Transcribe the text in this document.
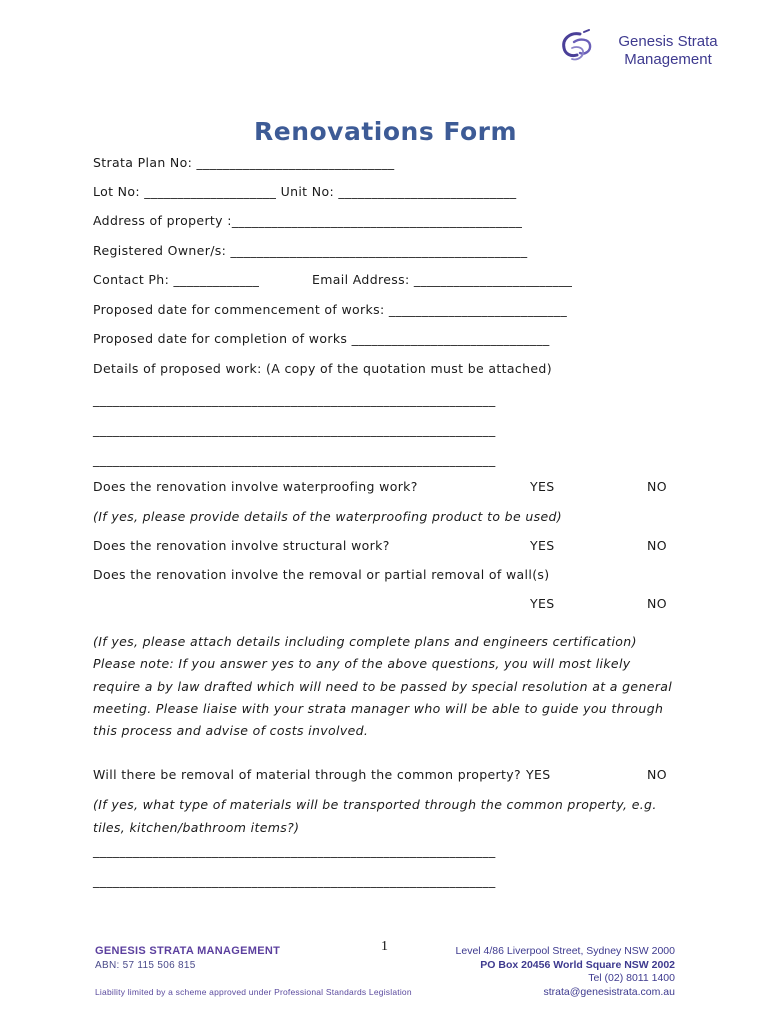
Genesis Strata
Management
Renovations Form
Strata Plan No: ______________________________
Lot No: ____________________ Unit No: ___________________________
Address of property :____________________________________________
Registered Owner/s: _____________________________________________
Contact Ph: _____________	Email Address: ________________________
Proposed date for commencement of works: ___________________________
Proposed date for completion of works ______________________________
Details of proposed work: (A copy of the quotation must be attached)
_____________________________________________________________
_____________________________________________________________
_____________________________________________________________
Does the renovation involve waterproofing work?	YES	NO
(If yes, please provide details of the waterproofing product to be used)
Does the renovation involve structural work?	YES	NO
Does the renovation involve the removal or partial removal of wall(s)
YES	NO
(If yes, please attach details including complete plans and engineers certification)
Please note: If you answer yes to any of the above questions, you will most likely
require a by law drafted which will need to be passed by special resolution at a general
meeting. Please liaise with your strata manager who will be able to guide you through
this process and advise of costs involved.
Will there be removal of material through the common property? YES	NO
(If yes, what type of materials will be transported through the common property, e.g.
tiles, kitchen/bathroom items?)
_____________________________________________________________
_____________________________________________________________
GENESIS STRATA MANAGEMENT
ABN: 57 115 506 815
Liability limited by a scheme approved under Professional Standards Legislation
1	Level 4/86 Liverpool Street, Sydney NSW 2000
PO Box 20456 World Square NSW 2002
Tel (02) 8011 1400
strata@genesistrata.com.au
